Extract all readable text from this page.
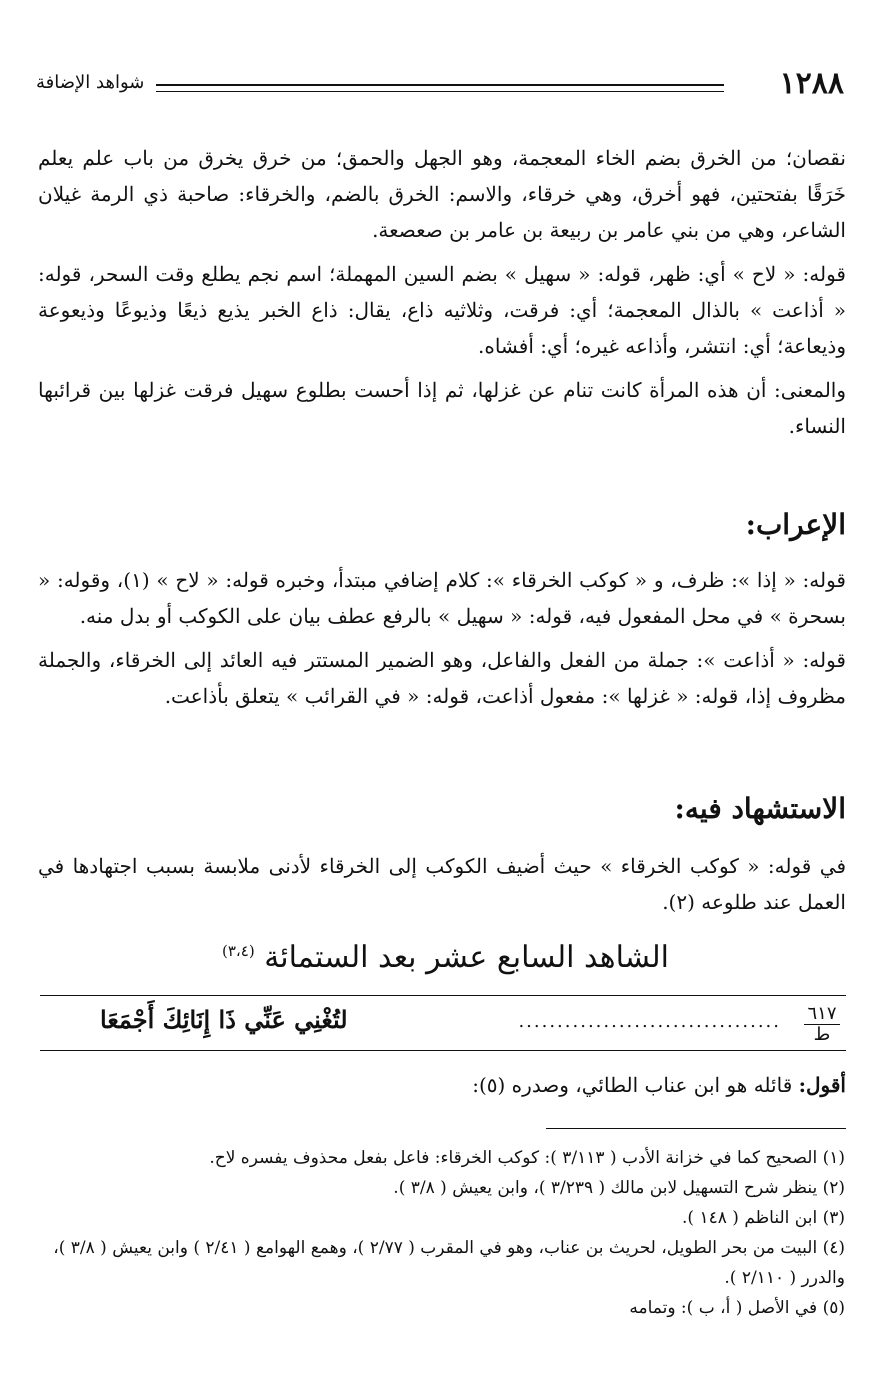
١٢٨٨
شواهد الإضافة

نقصان؛ من الخرق بضم الخاء المعجمة، وهو الجهل والحمق؛ من خرق يخرق من باب علم يعلم خَرَقًا بفتحتين، فهو أخرق، وهي خرقاء، والاسم: الخرق بالضم، والخرقاء: صاحبة ذي الرمة غيلان الشاعر، وهي من بني عامر بن ربيعة بن عامر بن صعصعة.

قوله: « لاح » أي: ظهر، قوله: « سهيل » بضم السين المهملة؛ اسم نجم يطلع وقت السحر، قوله: « أذاعت » بالذال المعجمة؛ أي: فرقت، وثلاثيه ذاع، يقال: ذاع الخبر يذيع ذيعًا وذيوعًا وذيعوعة وذيعاعة؛ أي: انتشر، وأذاعه غيره؛ أي: أفشاه.

والمعنى: أن هذه المرأة كانت تنام عن غزلها، ثم إذا أحست بطلوع سهيل فرقت غزلها بين قرائبها النساء.

الإعراب:

قوله: « إذا »: ظرف، و « كوكب الخرقاء »: كلام إضافي مبتدأ، وخبره قوله: « لاح » (١)، وقوله: « بسحرة » في محل المفعول فيه، قوله: « سهيل » بالرفع عطف بيان على الكوكب أو بدل منه.

قوله: « أذاعت »: جملة من الفعل والفاعل، وهو الضمير المستتر فيه العائد إلى الخرقاء، والجملة مظروف إذا، قوله: « غزلها »: مفعول أذاعت، قوله: « في القرائب » يتعلق بأذاعت.

الاستشهاد فيه:

في قوله: « كوكب الخرقاء » حيث أضيف الكوكب إلى الخرقاء لأدنى ملابسة بسبب اجتهادها في العمل عند طلوعه (٢).

الشاهد السابع عشر بعد الستمائة $^{(٣،٤)}$
٦١٧
ط
..................................
لتُغْنِي عَنِّي ذَا إِنَائِكَ أَجْمَعَا
أقول: قائله هو ابن عناب الطائي، وصدره (٥):

(١) الصحيح كما في خزانة الأدب ( ٣/١١٣ ): كوكب الخرقاء: فاعل بفعل محذوف يفسره لاح.

(٢) ينظر شرح التسهيل لابن مالك ( ٣/٢٣٩ )، وابن يعيش ( ٣/٨ ).

(٣) ابن الناظم ( ١٤٨ ).

(٤) البيت من بحر الطويل، لحريث بن عناب، وهو في المقرب ( ٢/٧٧ )، وهمع الهوامع ( ٢/٤١ ) وابن يعيش ( ٣/٨ )، والدرر ( ٢/١١٠ ).

(٥) في الأصل ( أ، ب ): وتمامه
